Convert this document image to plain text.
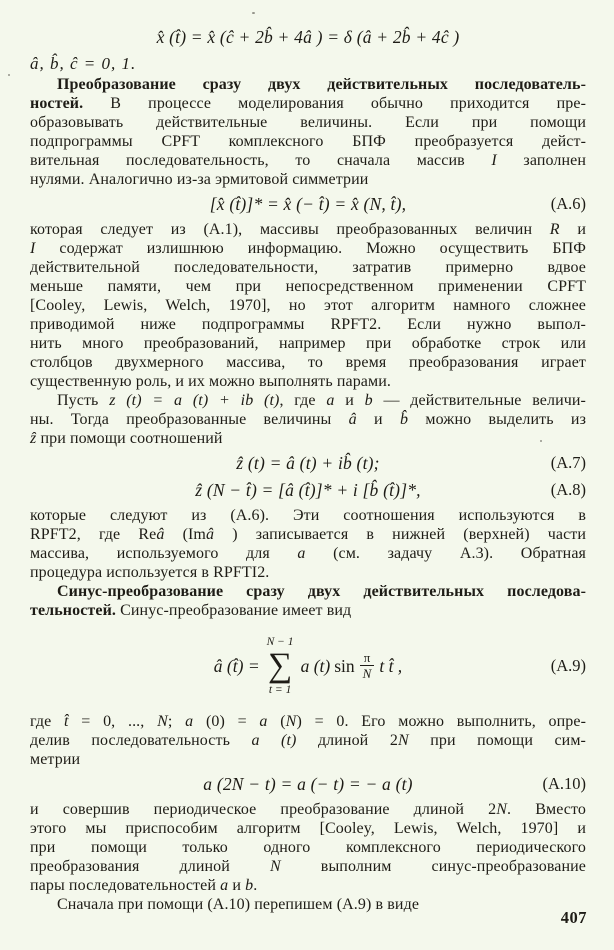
x̂ (t̂) = x̂ (ĉ + 2b̂ + 4â ) = δ (â + 2b̂ + 4ĉ )
â, b̂, ĉ = 0, 1.
Преобразование сразу двух действительных последователь-
ностей. В процессе моделирования обычно приходится пре-
образовывать действительные величины. Если при помощи
подпрограммы CPFT комплексного БПФ преобразуется дейст-
вительная последовательность, то сначала массив I заполнен
нулями. Аналогично из-за эрмитовой симметрии
[x̂ (t̂)]* = x̂ (− t̂) = x̂ (N, t̂),	(А.6)
которая следует из (А.1), массивы преобразованных величин R и
I содержат излишнюю информацию. Можно осуществить БПФ
действительной последовательности, затратив примерно вдвое
меньше памяти, чем при непосредственном применении CPFT
[Cooley, Lewis, Welch, 1970], но этот алгоритм намного сложнее
приводимой ниже подпрограммы RPFT2. Если нужно выпол-
нить много преобразований, например при обработке строк или
столбцов двухмерного массива, то время преобразования играет
существенную роль, и их можно выполнять парами.
Пусть z (t) = a (t) + ib (t), где a и b — действительные величи-
ны. Тогда преобразованные величины â и b̂ можно выделить из
ẑ при помощи соотношений
ẑ (t) = â (t) + ib̂ (t);	(А.7)
ẑ (N − t̂) = [â (t̂)]* + i [b̂ (t̂)]*,	(А.8)
которые следуют из (А.6). Эти соотношения используются в
RPFT2, где Reâ (Imâ ) записывается в нижней (верхней) части
массива, используемого для a (см. задачу А.3). Обратная
процедура используется в RPFTI2.
Синус-преобразование сразу двух действительных последова-
тельностей. Синус-преобразование имеет вид
â (t̂) =
N − 1
∑
t = 1
a (t) $\sin \frac{\pi}{N}$ t t̂ ,	(А.9)
где t̂ = 0, ..., N; a (0) = a (N) = 0. Его можно выполнить, опре-
делив последовательность a (t) длиной 2N при помощи сим-
метрии
a (2N − t) = a (− t) = − a (t)	(А.10)
и совершив периодическое преобразование длиной 2N. Вместо
этого мы приспособим алгоритм [Cooley, Lewis, Welch, 1970] и
при помощи только одного комплексного периодического
преобразования длиной N выполним синус-преобразование
пары последовательностей a и b.
Сначала при помощи (А.10) перепишем (А.9) в виде
407
